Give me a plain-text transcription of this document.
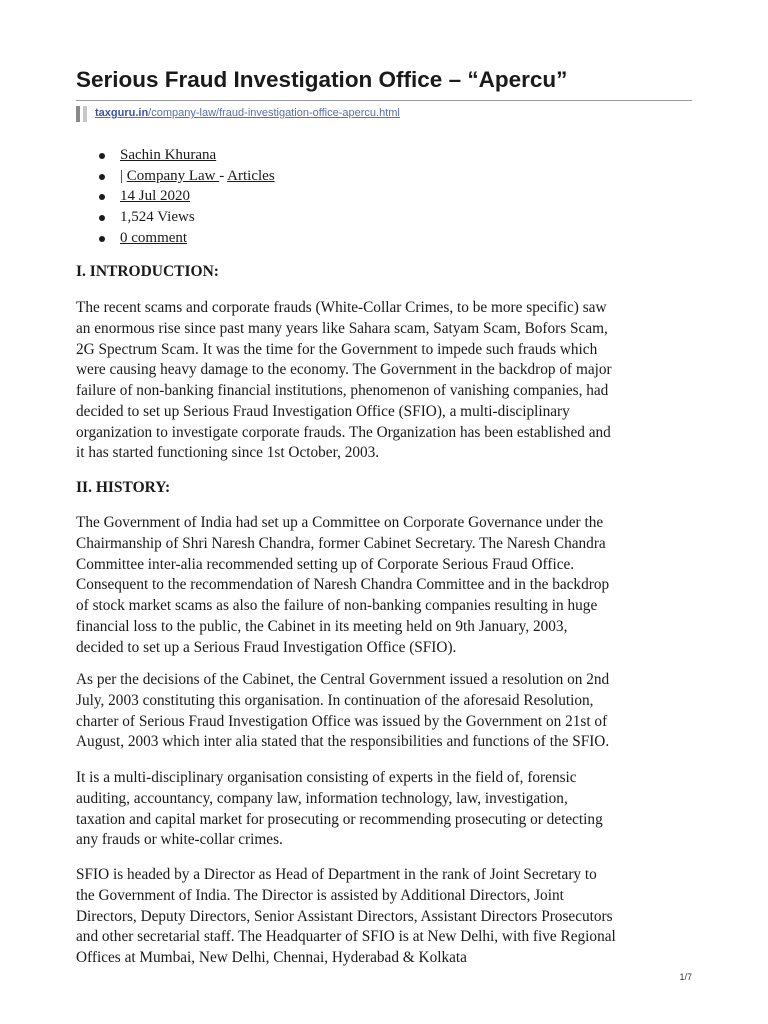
Serious Fraud Investigation Office – “Apercu”
taxguru.in/company-law/fraud-investigation-office-apercu.html
Sachin Khurana
| Company Law - Articles
14 Jul 2020
1,524 Views
0 comment
I. INTRODUCTION:

The recent scams and corporate frauds (White-Collar Crimes, to be more specific) saw
an enormous rise since past many years like Sahara scam, Satyam Scam, Bofors Scam,
2G Spectrum Scam. It was the time for the Government to impede such frauds which
were causing heavy damage to the economy. The Government in the backdrop of major
failure of non-banking financial institutions, phenomenon of vanishing companies, had
decided to set up Serious Fraud Investigation Office (SFIO), a multi-disciplinary
organization to investigate corporate frauds. The Organization has been established and
it has started functioning since 1st October, 2003.

II. HISTORY:

The Government of India had set up a Committee on Corporate Governance under the
Chairmanship of Shri Naresh Chandra, former Cabinet Secretary. The Naresh Chandra
Committee inter-alia recommended setting up of Corporate Serious Fraud Office.
Consequent to the recommendation of Naresh Chandra Committee and in the backdrop
of stock market scams as also the failure of non-banking companies resulting in huge
financial loss to the public, the Cabinet in its meeting held on 9th January, 2003,
decided to set up a Serious Fraud Investigation Office (SFIO).

As per the decisions of the Cabinet, the Central Government issued a resolution on 2nd
July, 2003 constituting this organisation. In continuation of the aforesaid Resolution,
charter of Serious Fraud Investigation Office was issued by the Government on 21st of
August, 2003 which inter alia stated that the responsibilities and functions of the SFIO.

It is a multi-disciplinary organisation consisting of experts in the field of, forensic
auditing, accountancy, company law, information technology, law, investigation,
taxation and capital market for prosecuting or recommending prosecuting or detecting
any frauds or white-collar crimes.

SFIO is headed by a Director as Head of Department in the rank of Joint Secretary to
the Government of India. The Director is assisted by Additional Directors, Joint
Directors, Deputy Directors, Senior Assistant Directors, Assistant Directors Prosecutors
and other secretarial staff. The Headquarter of SFIO is at New Delhi, with five Regional
Offices at Mumbai, New Delhi, Chennai, Hyderabad & Kolkata

1/7
